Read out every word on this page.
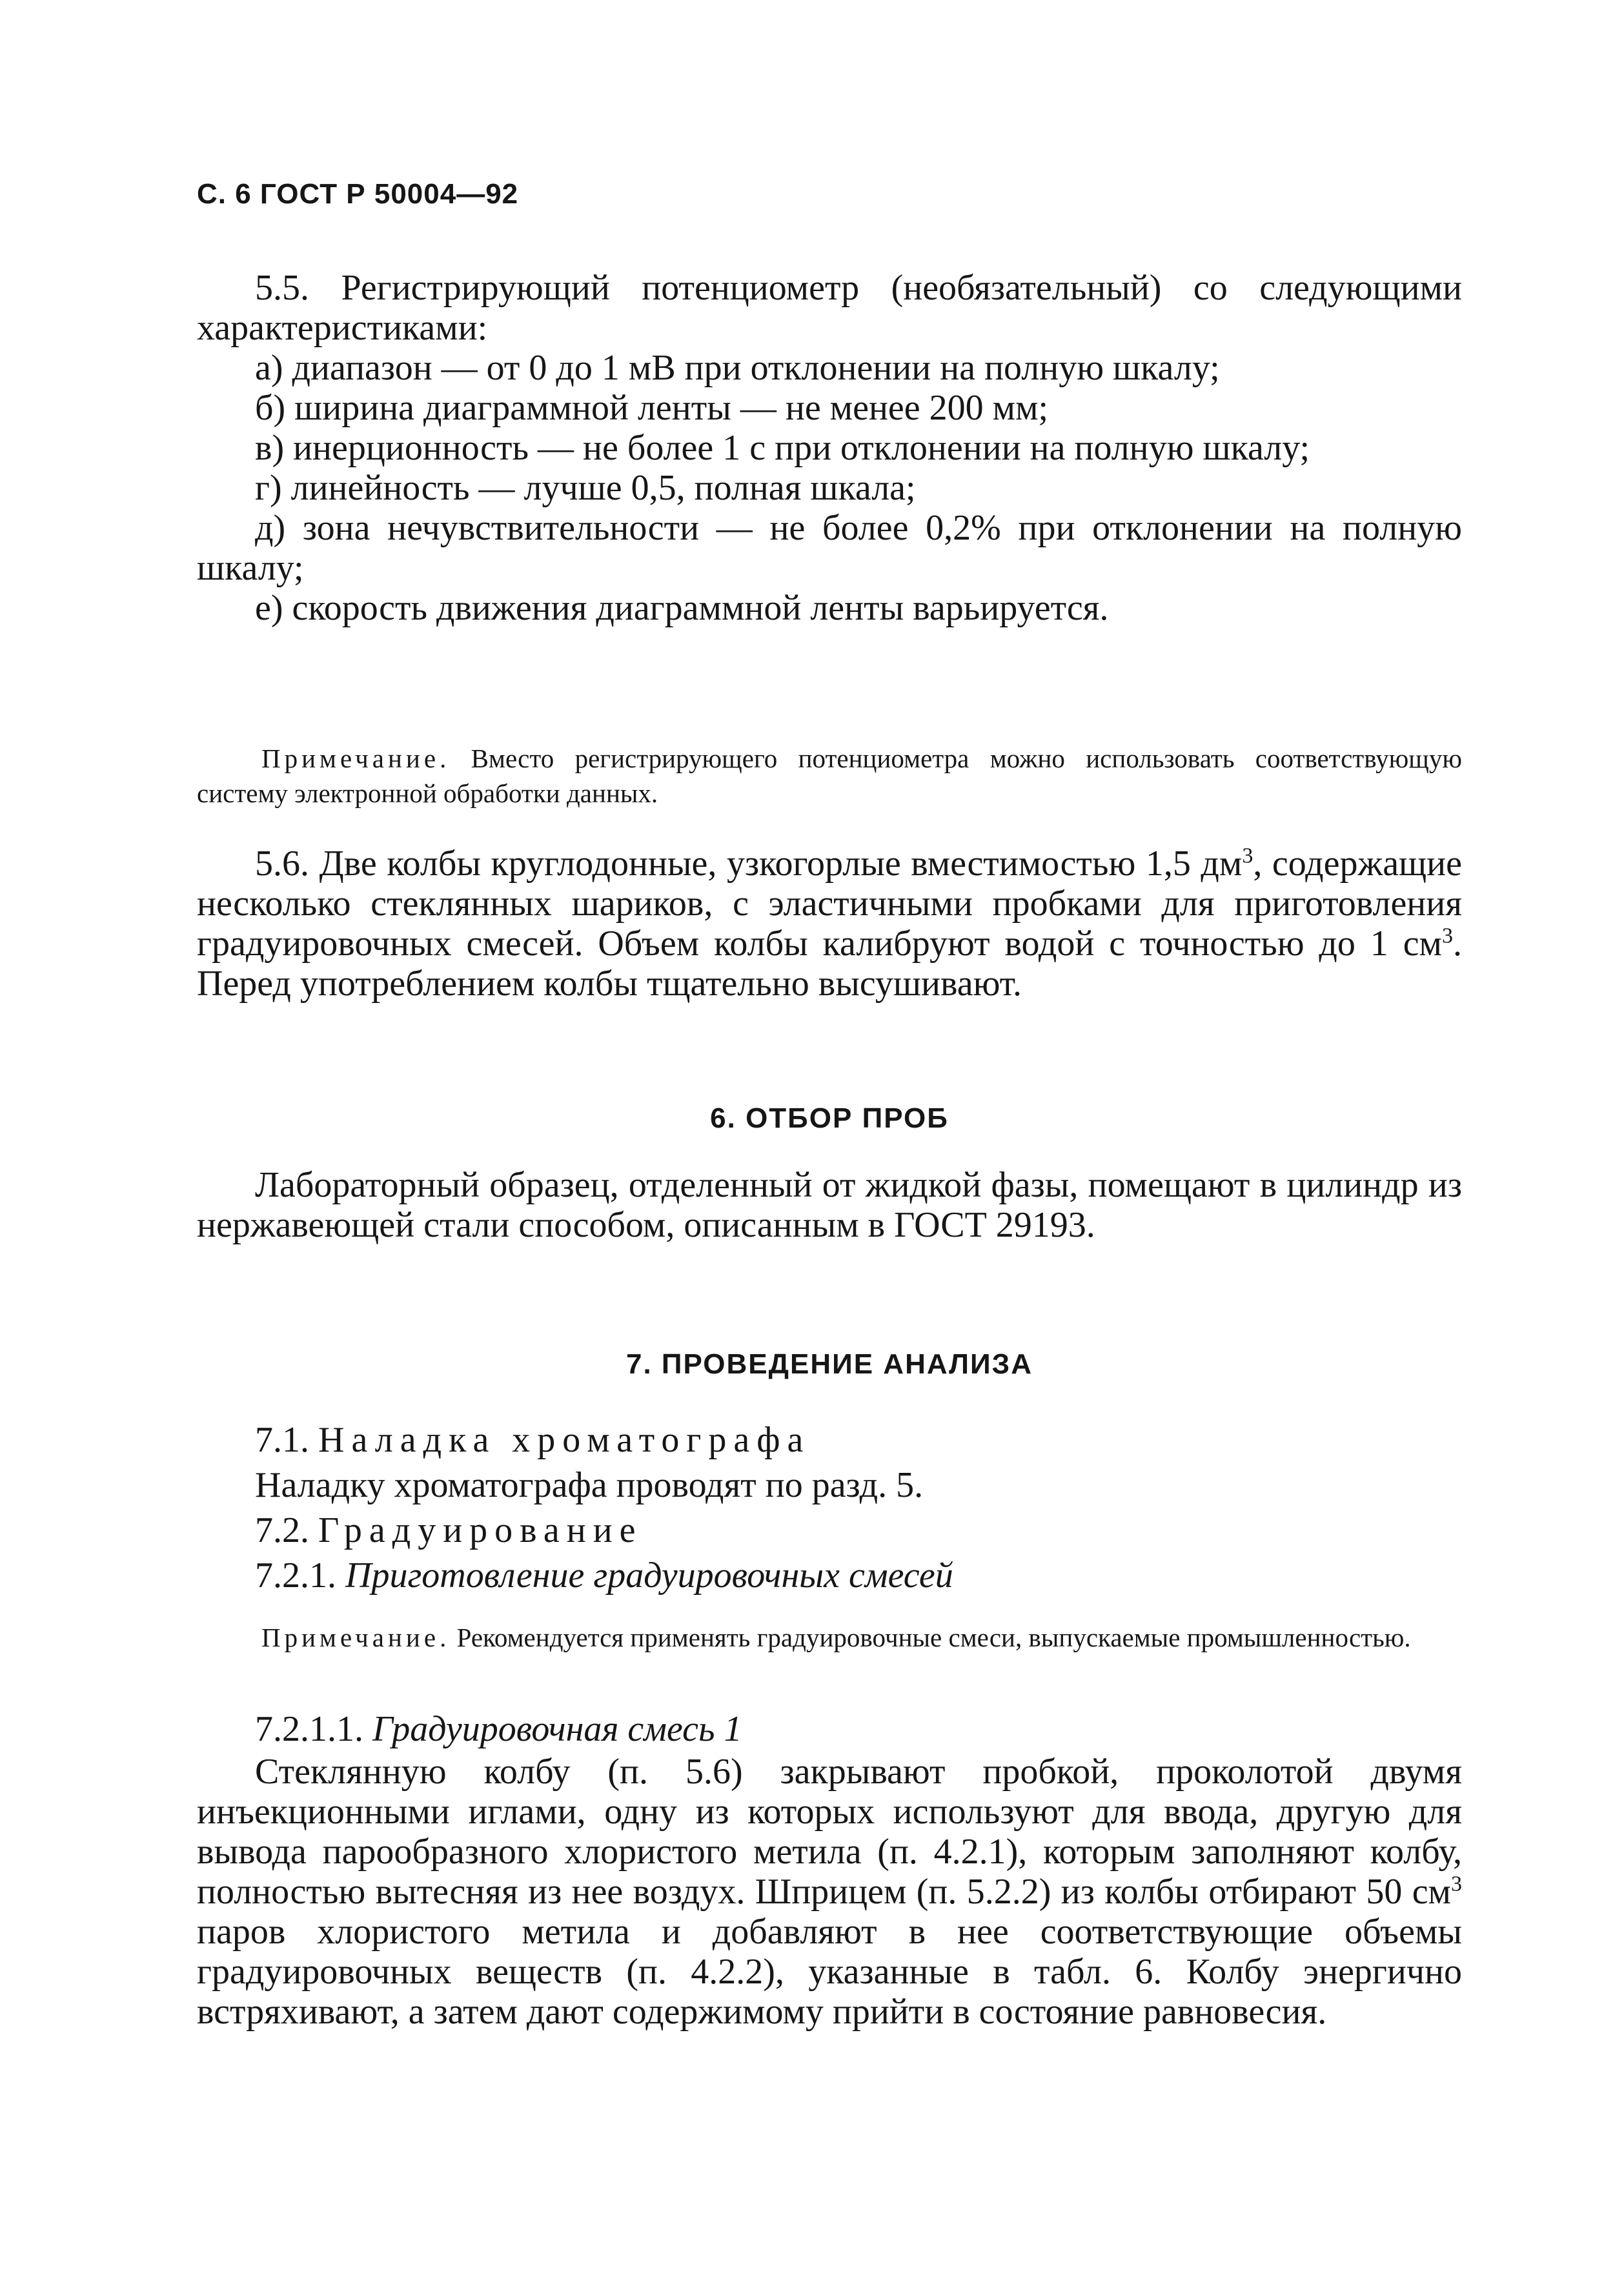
С. 6 ГОСТ Р 50004—92

5.5. Регистрирующий потенциометр (необязательный) со следующими характеристиками:

а) диапазон — от 0 до 1 мВ при отклонении на полную шкалу;

б) ширина диаграммной ленты — не менее 200 мм;

в) инерционность — не более 1 с при отклонении на полную шкалу;

г) линейность — лучше 0,5, полная шкала;

д) зона нечувствительности — не более 0,2% при отклонении на полную шкалу;

е) скорость движения диаграммной ленты варьируется.

Примечание. Вместо регистрирующего потенциометра можно использовать соответствующую систему электронной обработки данных.

5.6. Две колбы круглодонные, узкогорлые вместимостью 1,5 $дм^3$, содержащие несколько стеклянных шариков, с эластичными пробками для приготовления градуировочных смесей. Объем колбы калибруют водой с точностью до 1 $см^3$. Перед употреблением колбы тщательно высушивают.

6. ОТБОР ПРОБ

Лабораторный образец, отделенный от жидкой фазы, помещают в цилиндр из нержавеющей стали способом, описанным в ГОСТ 29193.

7. ПРОВЕДЕНИЕ АНАЛИЗА

7.1. Наладка хроматографа

Наладку хроматографа проводят по разд. 5.

7.2. Градуирование

7.2.1. Приготовление градуировочных смесей

Примечание. Рекомендуется применять градуировочные смеси, выпускаемые промышленностью.

7.2.1.1. Градуировочная смесь 1

Стеклянную колбу (п. 5.6) закрывают пробкой, проколотой двумя инъекционными иглами, одну из которых используют для ввода, другую для вывода парообразного хлористого метила (п. 4.2.1), которым заполняют колбу, полностью вытесняя из нее воздух. Шприцем (п. 5.2.2) из колбы отбирают 50 $см^3$ паров хлористого метила и добавляют в нее соответствующие объемы градуировочных веществ (п. 4.2.2), указанные в табл. 6. Колбу энергично встряхивают, а затем дают содержимому прийти в состояние равновесия.
